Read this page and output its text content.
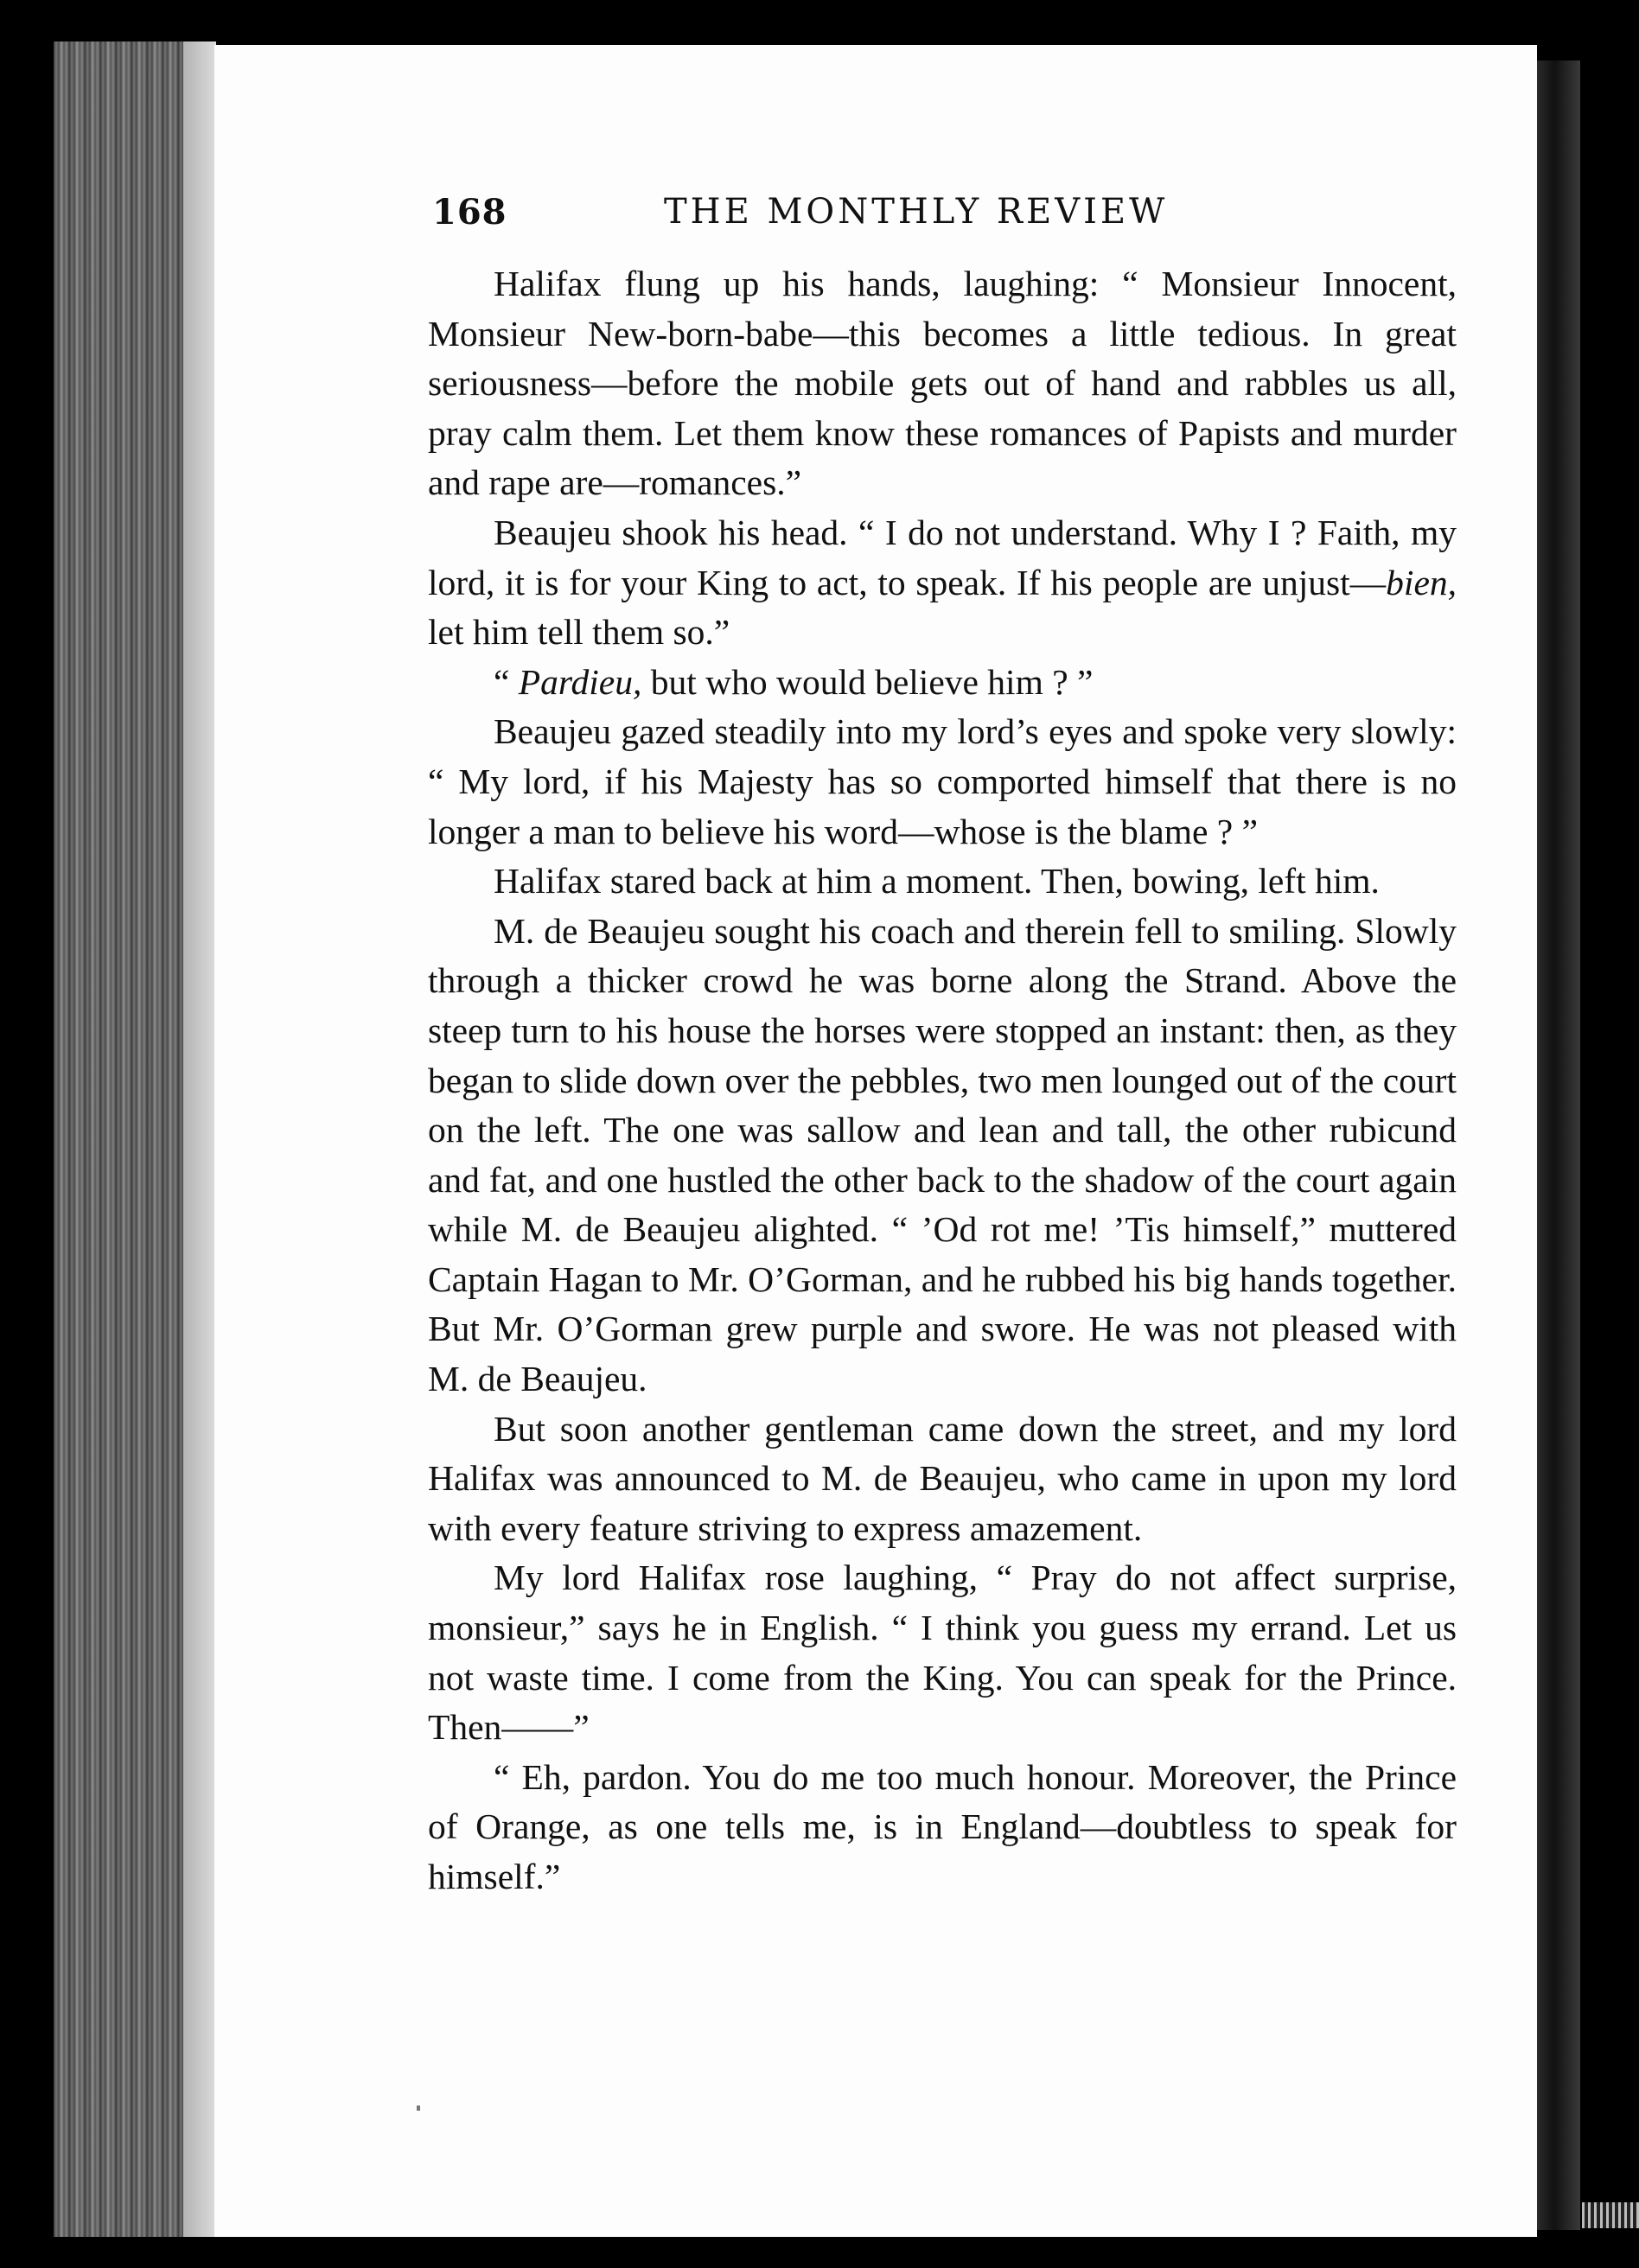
168	THE MONTHLY REVIEW

Halifax flung up his hands, laughing: “ Monsieur Innocent, Monsieur New-born-babe—this becomes a little tedious. In great seriousness—before the mobile gets out of hand and rabbles us all, pray calm them. Let them know these romances of Papists and murder and rape are—romances.”

Beaujeu shook his head. “ I do not understand. Why I ? Faith, my lord, it is for your King to act, to speak. If his people are unjust—bien, let him tell them so.”

“ Pardieu, but who would believe him ? ”

Beaujeu gazed steadily into my lord’s eyes and spoke very slowly: “ My lord, if his Majesty has so comported himself that there is no longer a man to believe his word—whose is the blame ? ”

Halifax stared back at him a moment. Then, bowing, left him.

M. de Beaujeu sought his coach and therein fell to smiling. Slowly through a thicker crowd he was borne along the Strand. Above the steep turn to his house the horses were stopped an instant: then, as they began to slide down over the pebbles, two men lounged out of the court on the left. The one was sallow and lean and tall, the other rubicund and fat, and one hustled the other back to the shadow of the court again while M. de Beaujeu alighted. “ ’Od rot me! ’Tis himself,” muttered Captain Hagan to Mr. O’Gorman, and he rubbed his big hands together. But Mr. O’Gorman grew purple and swore. He was not pleased with M. de Beaujeu.

But soon another gentleman came down the street, and my lord Halifax was announced to M. de Beaujeu, who came in upon my lord with every feature striving to express amazement.

My lord Halifax rose laughing, “ Pray do not affect surprise, monsieur,” says he in English. “ I think you guess my errand. Let us not waste time. I come from the King. You can speak for the Prince. Then——”

“ Eh, pardon. You do me too much honour. Moreover, the Prince of Orange, as one tells me, is in England—doubtless to speak for himself.”
